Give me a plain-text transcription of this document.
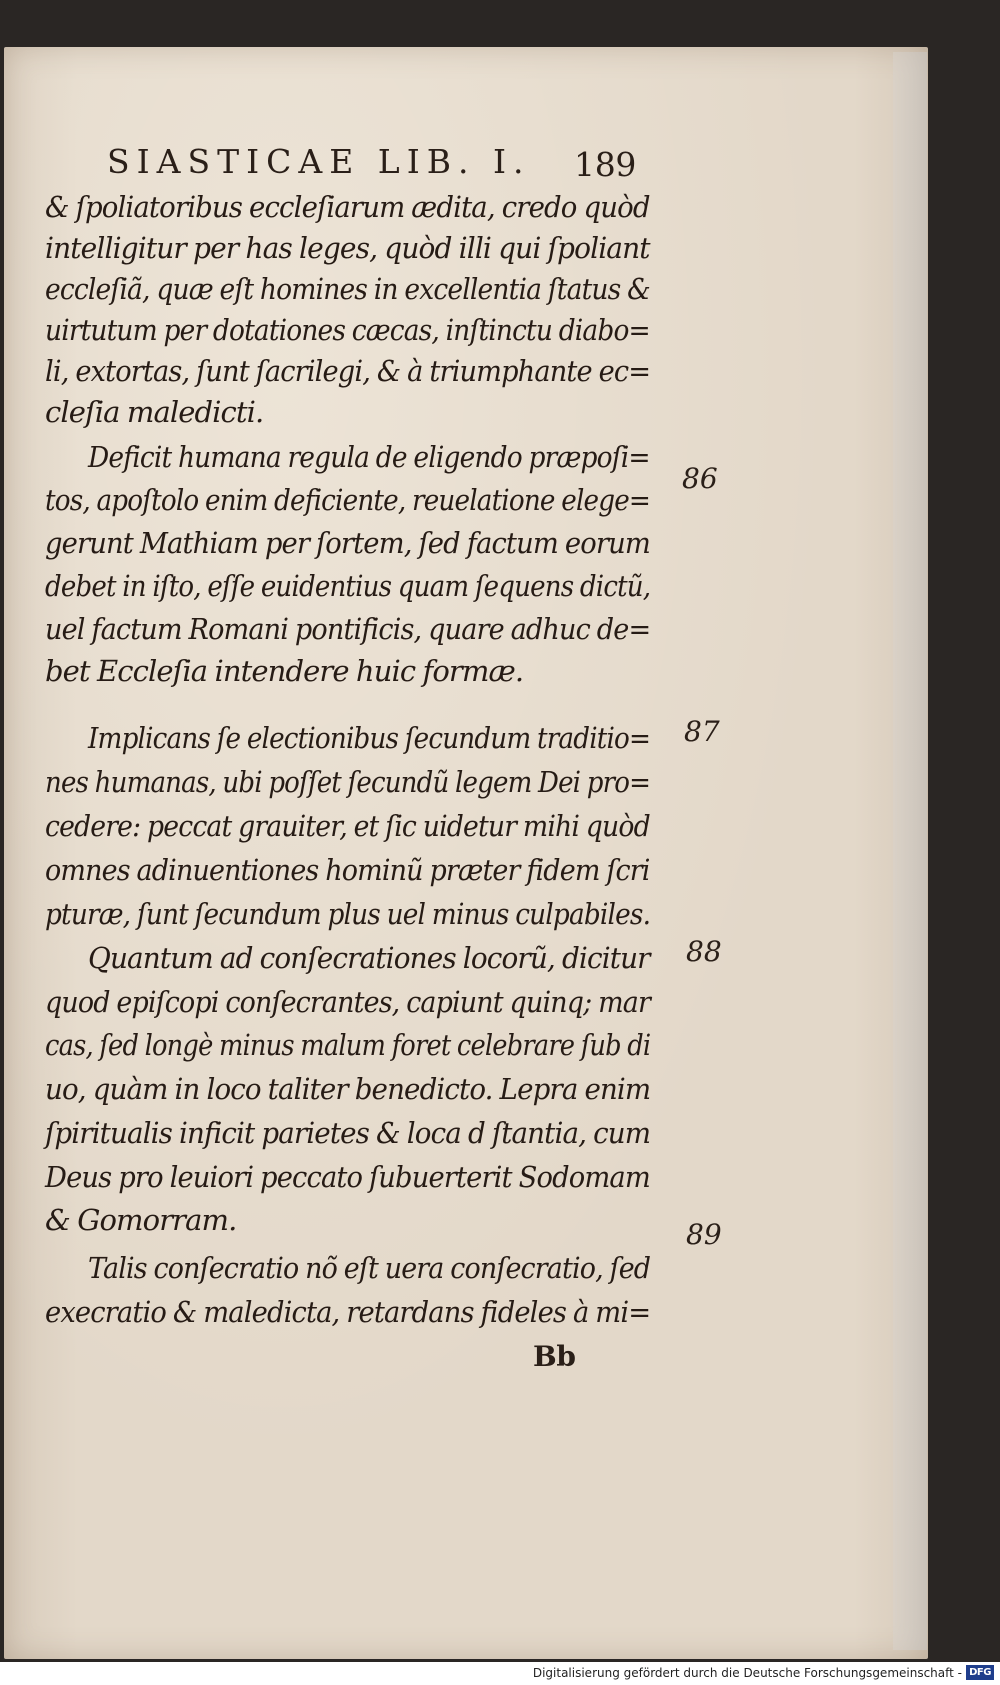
SIASTICAE LIB. I. 189
& ſpoliatoribus eccleſiarum ædita, credo quòd
intelligitur per has leges, quòd illi qui ſpoliant
eccleſiã, quæ eſt homines in excellentia ſtatus &
uirtutum per dotationes cæcas, inſtinctu diabo=
li, extortas, ſunt ſacrilegi, & à triumphante ec=
cleſia maledicti.
Deficit humana regula de eligendo præpoſi=
tos, apoſtolo enim deficiente, reuelatione elege=
gerunt Mathiam per ſortem, ſed factum eorum
debet in iſto, eſſe euidentius quam ſequens dictũ,
uel factum Romani pontificis, quare adhuc de=
bet Eccleſia intendere huic formæ.
Implicans ſe electionibus ſecundum traditio=
nes humanas, ubi poſſet ſecundũ legem Dei pro=
cedere: peccat grauiter, et ſic uidetur mihi quòd
omnes adinuentiones hominũ præter fidem ſcri
pturæ, ſunt ſecundum plus uel minus culpabiles.
Quantum ad conſecrationes locorũ, dicitur
quod epiſcopi conſecrantes, capiunt quinq; mar
cas, ſed longè minus malum foret celebrare ſub di
uo, quàm in loco taliter benedicto. Lepra enim
ſpiritualis inficit parietes & loca d ſtantia, cum
Deus pro leuiori peccato ſubuerterit Sodomam
& Gomorram.
Talis conſecratio nõ eſt uera conſecratio, ſed
execratio & maledicta, retardans fideles à mi=
86
87
88
89
Bb
Digitalisierung gefördert durch die Deutsche Forschungsgemeinschaft - DFG
